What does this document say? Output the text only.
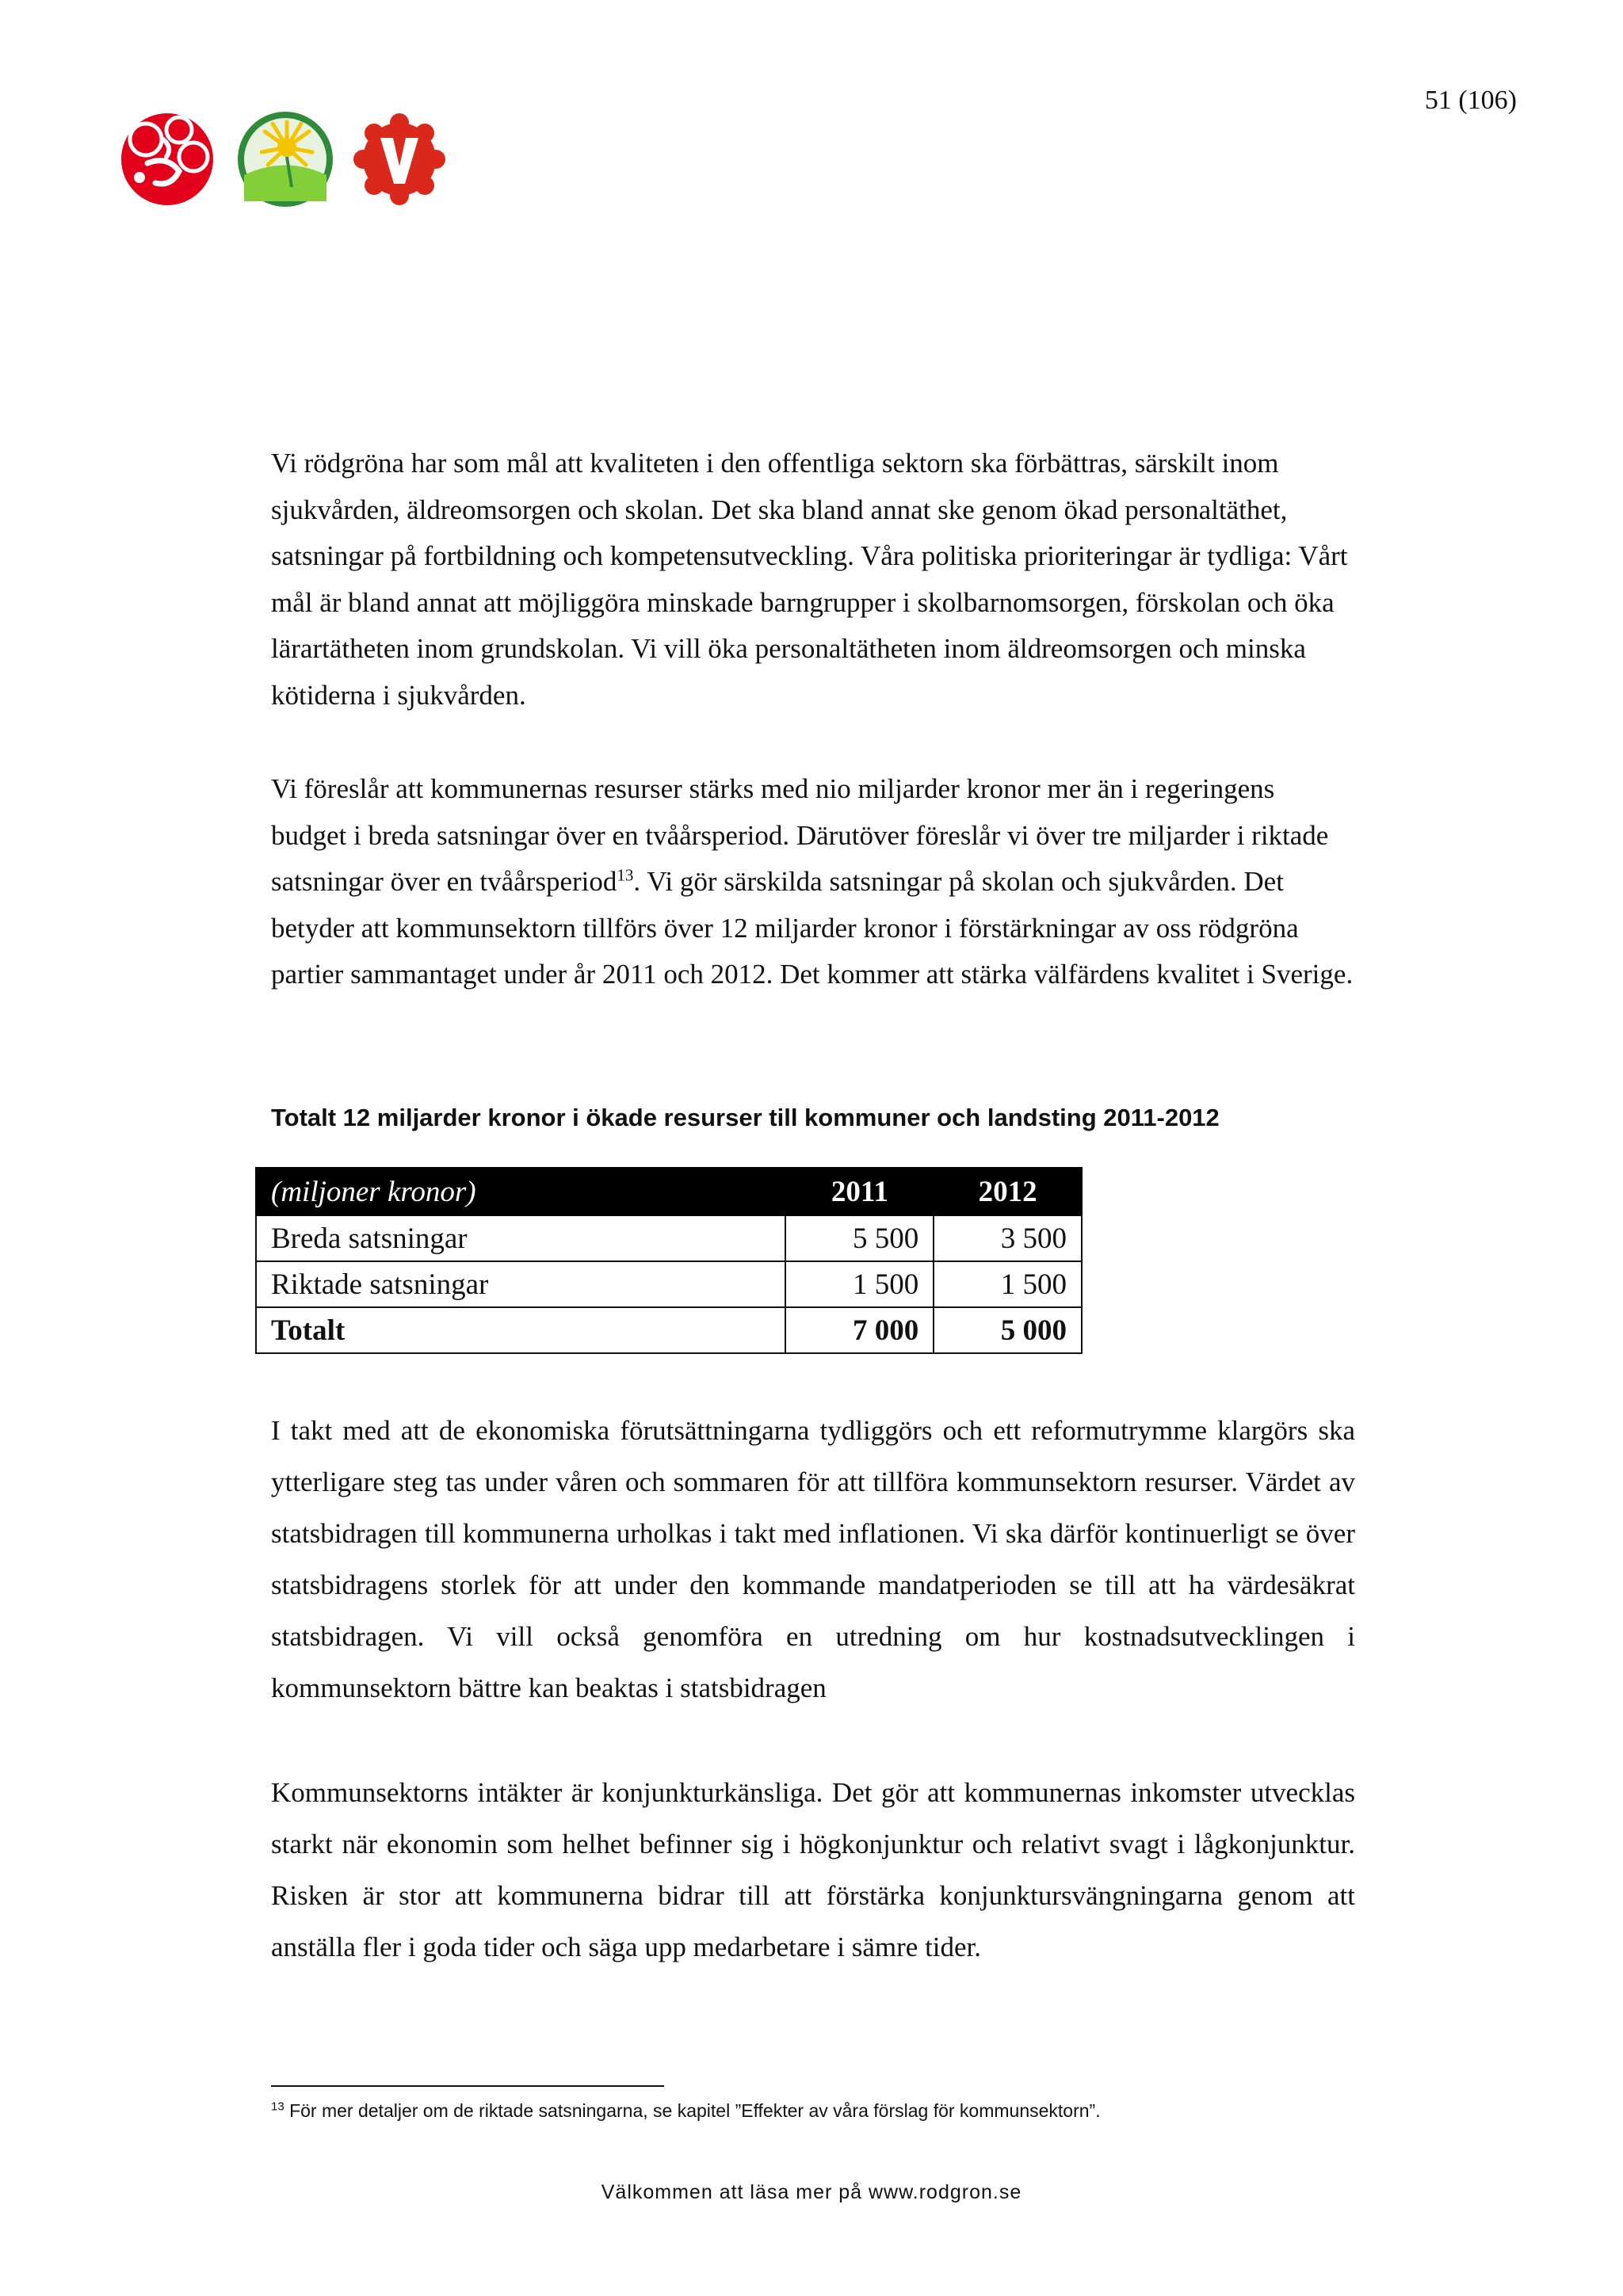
51 (106)

Vi rödgröna har som mål att kvaliteten i den offentliga sektorn ska förbättras, särskilt inom sjukvården, äldreomsorgen och skolan. Det ska bland annat ske genom ökad personaltäthet, satsningar på fortbildning och kompetensutveckling. Våra politiska prioriteringar är tydliga: Vårt mål är bland annat att möjliggöra minskade barngrupper i skolbarnomsorgen, förskolan och öka lärartätheten inom grundskolan. Vi vill öka personaltätheten inom äldreomsorgen och minska kötiderna i sjukvården.

Vi föreslår att kommunernas resurser stärks med nio miljarder kronor mer än i regeringens budget i breda satsningar över en tvåårsperiod. Därutöver föreslår vi över tre miljarder i riktade satsningar över en tvåårsperiod$^{13}$. Vi gör särskilda satsningar på skolan och sjukvården. Det betyder att kommunsektorn tillförs över 12 miljarder kronor i förstärkningar av oss rödgröna partier sammantaget under år 2011 och 2012. Det kommer att stärka välfärdens kvalitet i Sverige.

Totalt 12 miljarder kronor i ökade resurser till kommuner och landsting 2011-2012
(miljoner kronor)	2011	2012
Breda satsningar	5 500	3 500
Riktade satsningar	1 500	1 500
Totalt	7 000	5 000

I takt med att de ekonomiska förutsättningarna tydliggörs och ett reformutrymme klargörs ska ytterligare steg tas under våren och sommaren för att tillföra kommunsektorn resurser. Värdet av statsbidragen till kommunerna urholkas i takt med inflationen. Vi ska därför kontinuerligt se över statsbidragens storlek för att under den kommande mandatperioden se till att ha värdesäkrat statsbidragen. Vi vill också genomföra en utredning om hur kostnadsutvecklingen i kommunsektorn bättre kan beaktas i statsbidragen

Kommunsektorns intäkter är konjunkturkänsliga. Det gör att kommunernas inkomster utvecklas starkt när ekonomin som helhet befinner sig i högkonjunktur och relativt svagt i lågkonjunktur. Risken är stor att kommunerna bidrar till att förstärka konjunktursvängningarna genom att anställa fler i goda tider och säga upp medarbetare i sämre tider.

$^{13}$ För mer detaljer om de riktade satsningarna, se kapitel ”Effekter av våra förslag för kommunsektorn”.
Välkommen att läsa mer på www.rodgron.se
